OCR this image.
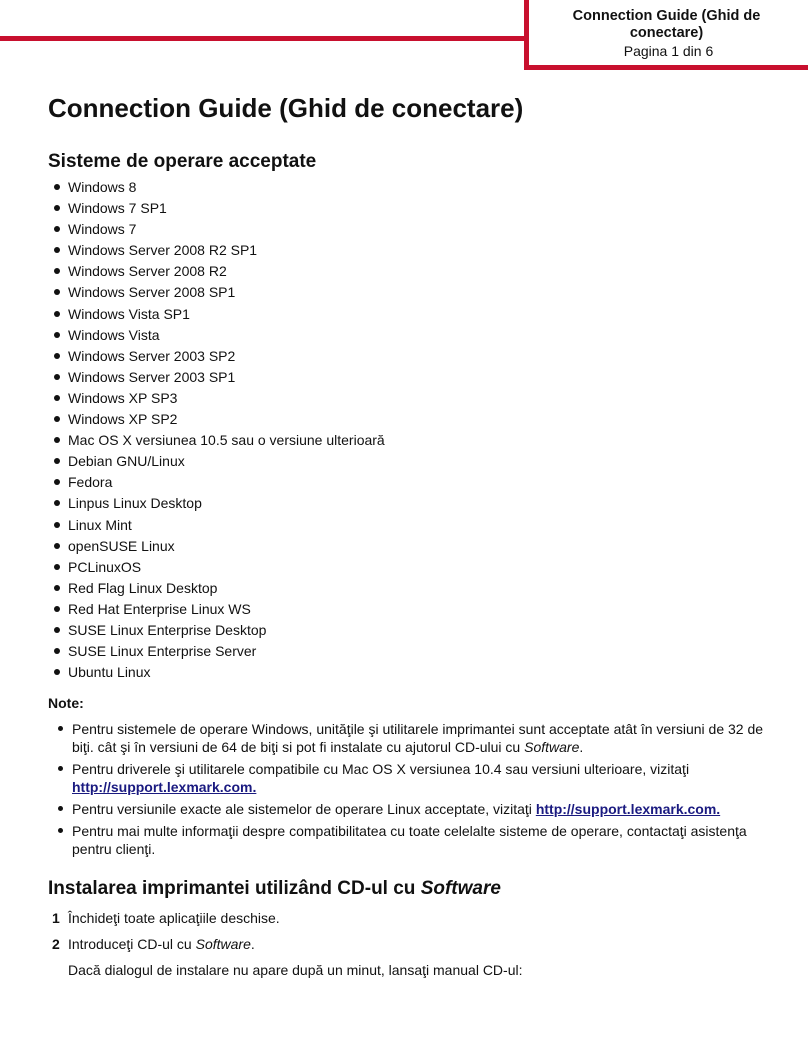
Connection Guide (Ghid de conectare)
Pagina 1 din 6
Connection Guide (Ghid de conectare)
Sisteme de operare acceptate
Windows 8
Windows 7 SP1
Windows 7
Windows Server 2008 R2 SP1
Windows Server 2008 R2
Windows Server 2008 SP1
Windows Vista SP1
Windows Vista
Windows Server 2003 SP2
Windows Server 2003 SP1
Windows XP SP3
Windows XP SP2
Mac OS X versiunea 10.5 sau o versiune ulterioară
Debian GNU/Linux
Fedora
Linpus Linux Desktop
Linux Mint
openSUSE Linux
PCLinuxOS
Red Flag Linux Desktop
Red Hat Enterprise Linux WS
SUSE Linux Enterprise Desktop
SUSE Linux Enterprise Server
Ubuntu Linux

Note:

Pentru sistemele de operare Windows, unităţile şi utilitarele imprimantei sunt acceptate atât în versiuni de 32 de biţi. cât şi în versiuni de 64 de biţi si pot fi instalate cu ajutorul CD-ului cu Software.
Pentru driverele şi utilitarele compatibile cu Mac OS X versiunea 10.4 sau versiuni ulterioare, vizitaţi http://support.lexmark.com.
Pentru versiunile exacte ale sistemelor de operare Linux acceptate, vizitaţi http://support.lexmark.com.
Pentru mai multe informaţii despre compatibilitatea cu toate celelalte sisteme de operare, contactaţi asistenţa pentru clienţi.
Instalarea imprimantei utilizând CD-ul cu Software
1 Închideţi toate aplicaţiile deschise.
2 Introduceţi CD-ul cu Software.
Dacă dialogul de instalare nu apare după un minut, lansaţi manual CD-ul:
